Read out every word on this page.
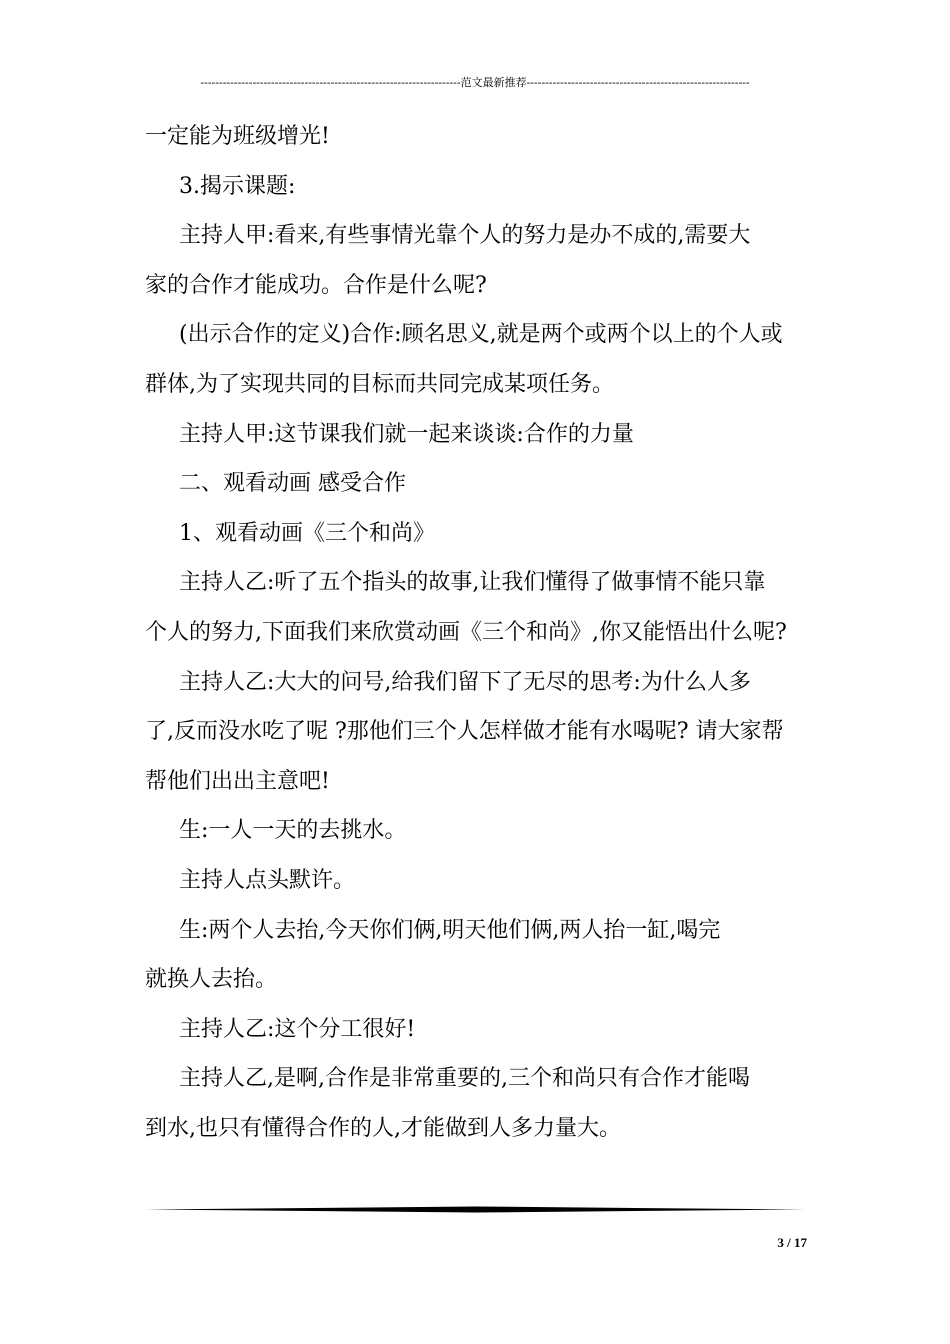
----------------------------------------------------------------------范文最新推荐------------------------------------------------------------
一定能为班级增光!
3.揭示课题:
主持人甲:看来,有些事情光靠个人的努力是办不成的,需要大
家的合作才能成功。合作是什么呢?
(出示合作的定义)合作:顾名思义,就是两个或两个以上的个人或
群体,为了实现共同的目标而共同完成某项任务。
主持人甲:这节课我们就一起来谈谈:合作的力量
二、观看动画 感受合作
1、观看动画《三个和尚》
主持人乙:听了五个指头的故事,让我们懂得了做事情不能只靠
个人的努力,下面我们来欣赏动画《三个和尚》,你又能悟出什么呢?
主持人乙:大大的问号,给我们留下了无尽的思考:为什么人多
了,反而没水吃了呢 ?那他们三个人怎样做才能有水喝呢? 请大家帮
帮他们出出主意吧!
生:一人一天的去挑水。
主持人点头默许。
生:两个人去抬,今天你们俩,明天他们俩,两人抬一缸,喝完
就换人去抬。
主持人乙:这个分工很好!
主持人乙,是啊,合作是非常重要的,三个和尚只有合作才能喝
到水,也只有懂得合作的人,才能做到人多力量大。
3 / 17
